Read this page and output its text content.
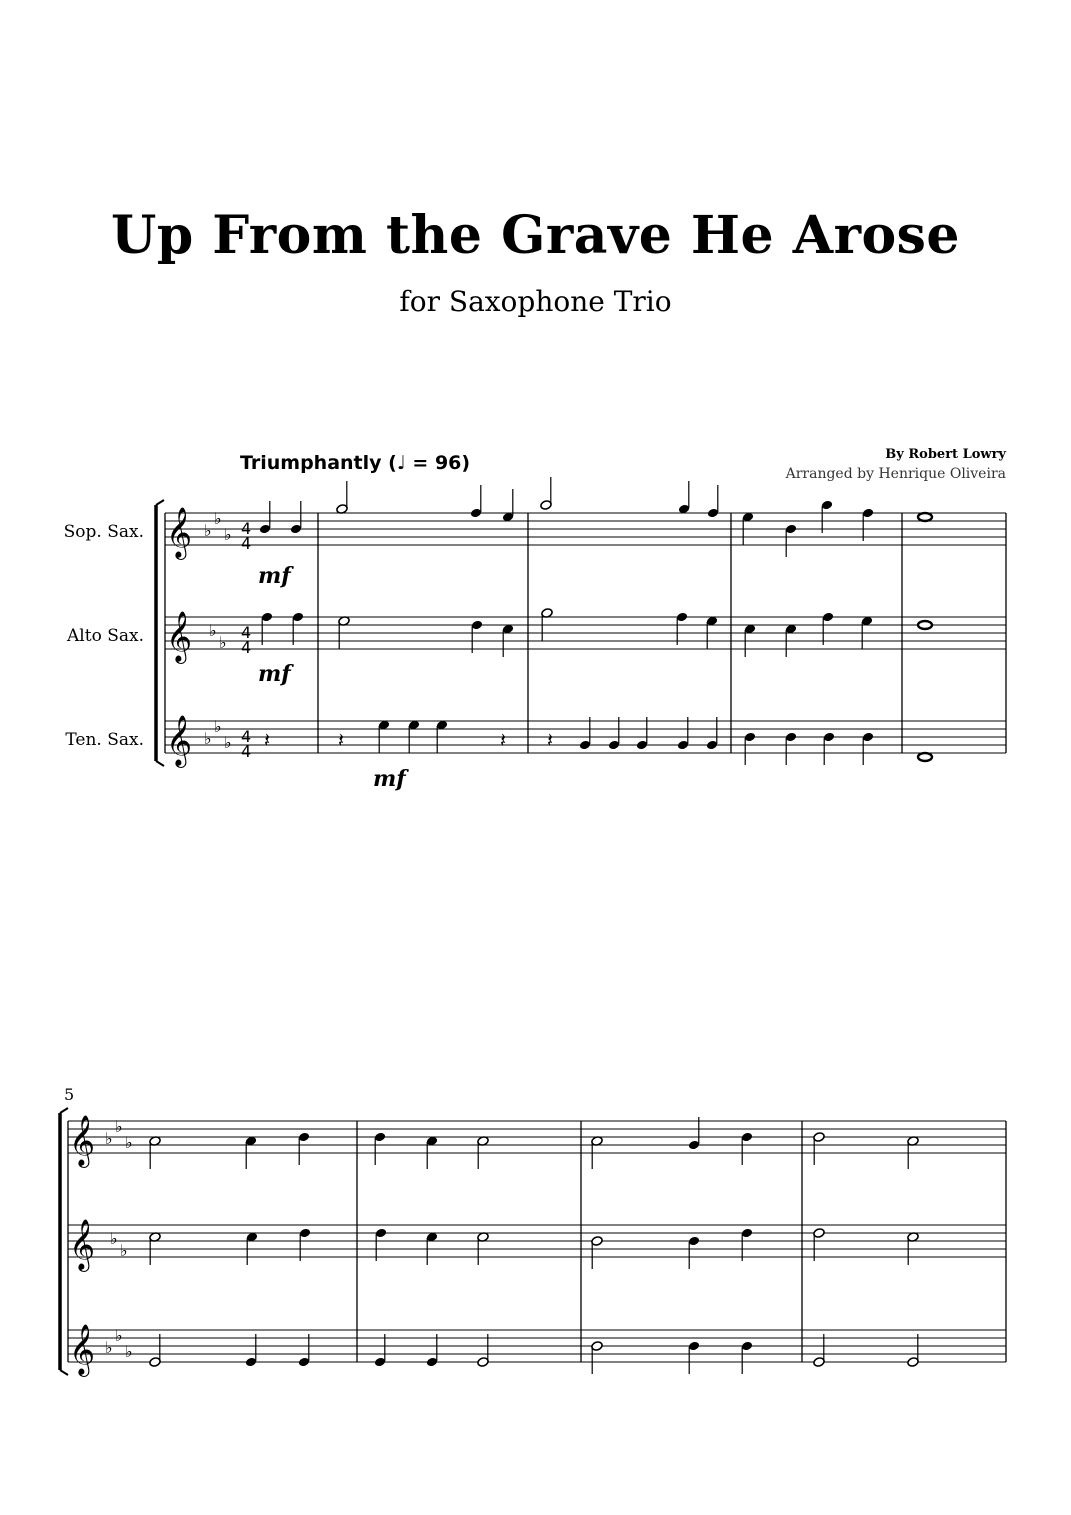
Up From the Grave He Arose
for Saxophone Trio
By Robert Lowry
Arranged by Henrique Oliveira
Triumphantly (♩ = 96)
Sop. Sax.
Alto Sax.
Ten. Sax.
𝄞	4
4
𝄞	4
4
𝄞	4
4
♭
♭
♭
♭
♭
♭
♭
♭ 𝄽	𝄽	𝄽 𝄽
𝄞
𝄞
𝄞
♭
♭
♭
♭
♭
♭
♭
♭
5
mf
mf
mf
